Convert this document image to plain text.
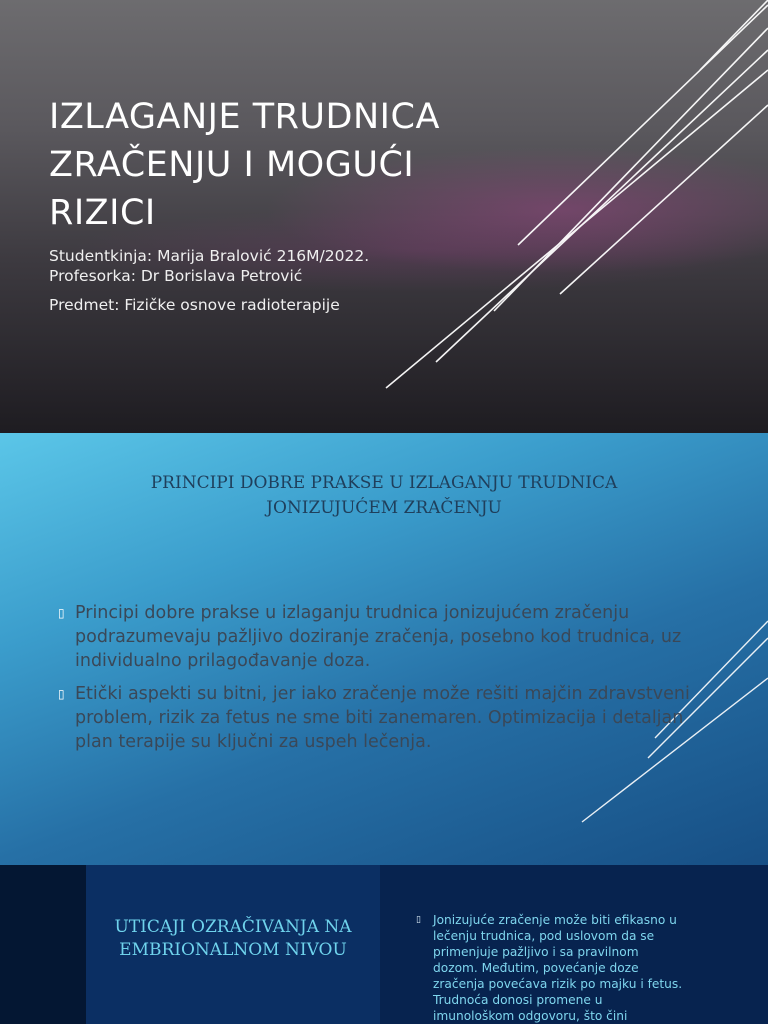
IZLAGANJE TRUDNICA
ZRAČENJU I MOGUĆI
RIZICI
Studentkinja: Marija Bralović 216M/2022.
Profesorka: Dr Borislava Petrović
Predmet: Fizičke osnove radioterapije
PRINCIPI DOBRE PRAKSE U IZLAGANJU TRUDNICA
JONIZUJUĆEM ZRAČENJU
▯ Principi dobre prakse u izlaganju trudnica jonizujućem zračenju podrazumevaju pažljivo doziranje zračenja, posebno kod trudnica, uz individualno prilagođavanje doza.
▯ Etički aspekti su bitni, jer iako zračenje može rešiti majčin zdravstveni problem, rizik za fetus ne sme biti zanemaren. Optimizacija i detaljan plan terapije su ključni za uspeh lečenja.
UTICAJI OZRAČIVANJA NA
EMBRIONALNOM NIVOU
▯ Jonizujuće zračenje može biti efikasno u
lečenju trudnica, pod uslovom da se
primenjuje pažljivo i sa pravilnom
dozom. Međutim, povećanje doze
zračenja povećava rizik po majku i fetus.
Trudnoća donosi promene u
imunološkom odgovoru, što čini
